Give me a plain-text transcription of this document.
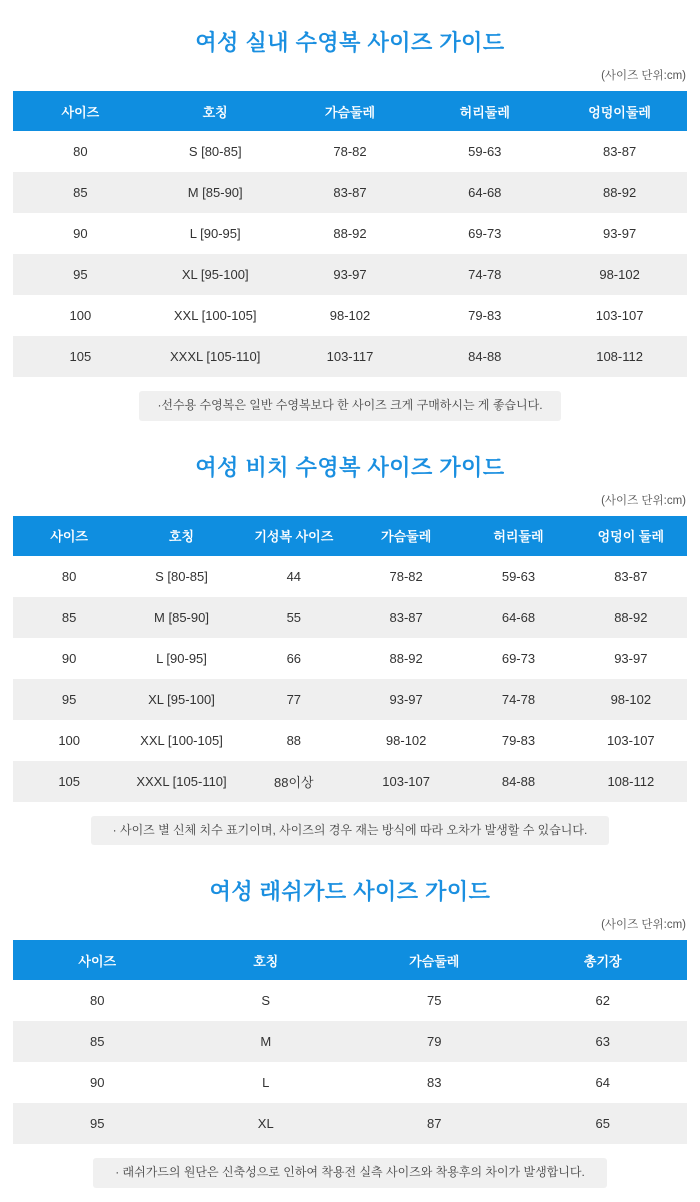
여성 실내 수영복 사이즈 가이드
(사이즈 단위:cm)
사이즈	호칭	가슴둘레	허리둘레	엉덩이둘레
80	S [80-85]	78-82	59-63	83-87
85	M [85-90]	83-87	64-68	88-92
90	L [90-95]	88-92	69-73	93-97
95	XL [95-100]	93-97	74-78	98-102
100	XXL [100-105]	98-102	79-83	103-107
105	XXXL [105-110]	103-117	84-88	108-112
·선수용 수영복은 일반 수영복보다 한 사이즈 크게 구매하시는 게 좋습니다.
여성 비치 수영복 사이즈 가이드
(사이즈 단위:cm)
사이즈	호칭	기성복 사이즈	가슴둘레	허리둘레	엉덩이 둘레
80	S [80-85]	44	78-82	59-63	83-87
85	M [85-90]	55	83-87	64-68	88-92
90	L [90-95]	66	88-92	69-73	93-97
95	XL [95-100]	77	93-97	74-78	98-102
100	XXL [100-105]	88	98-102	79-83	103-107
105	XXXL [105-110]	88이상	103-107	84-88	108-112
· 사이즈 별 신체 치수 표기이며, 사이즈의 경우 재는 방식에 따라 오차가 발생할 수 있습니다.
여성 래쉬가드 사이즈 가이드
(사이즈 단위:cm)
사이즈	호칭	가슴둘레	총기장
80	S	75	62
85	M	79	63
90	L	83	64
95	XL	87	65
· 래쉬가드의 원단은 신축성으로 인하여 착용전 실측 사이즈와 착용후의 차이가 발생합니다.
